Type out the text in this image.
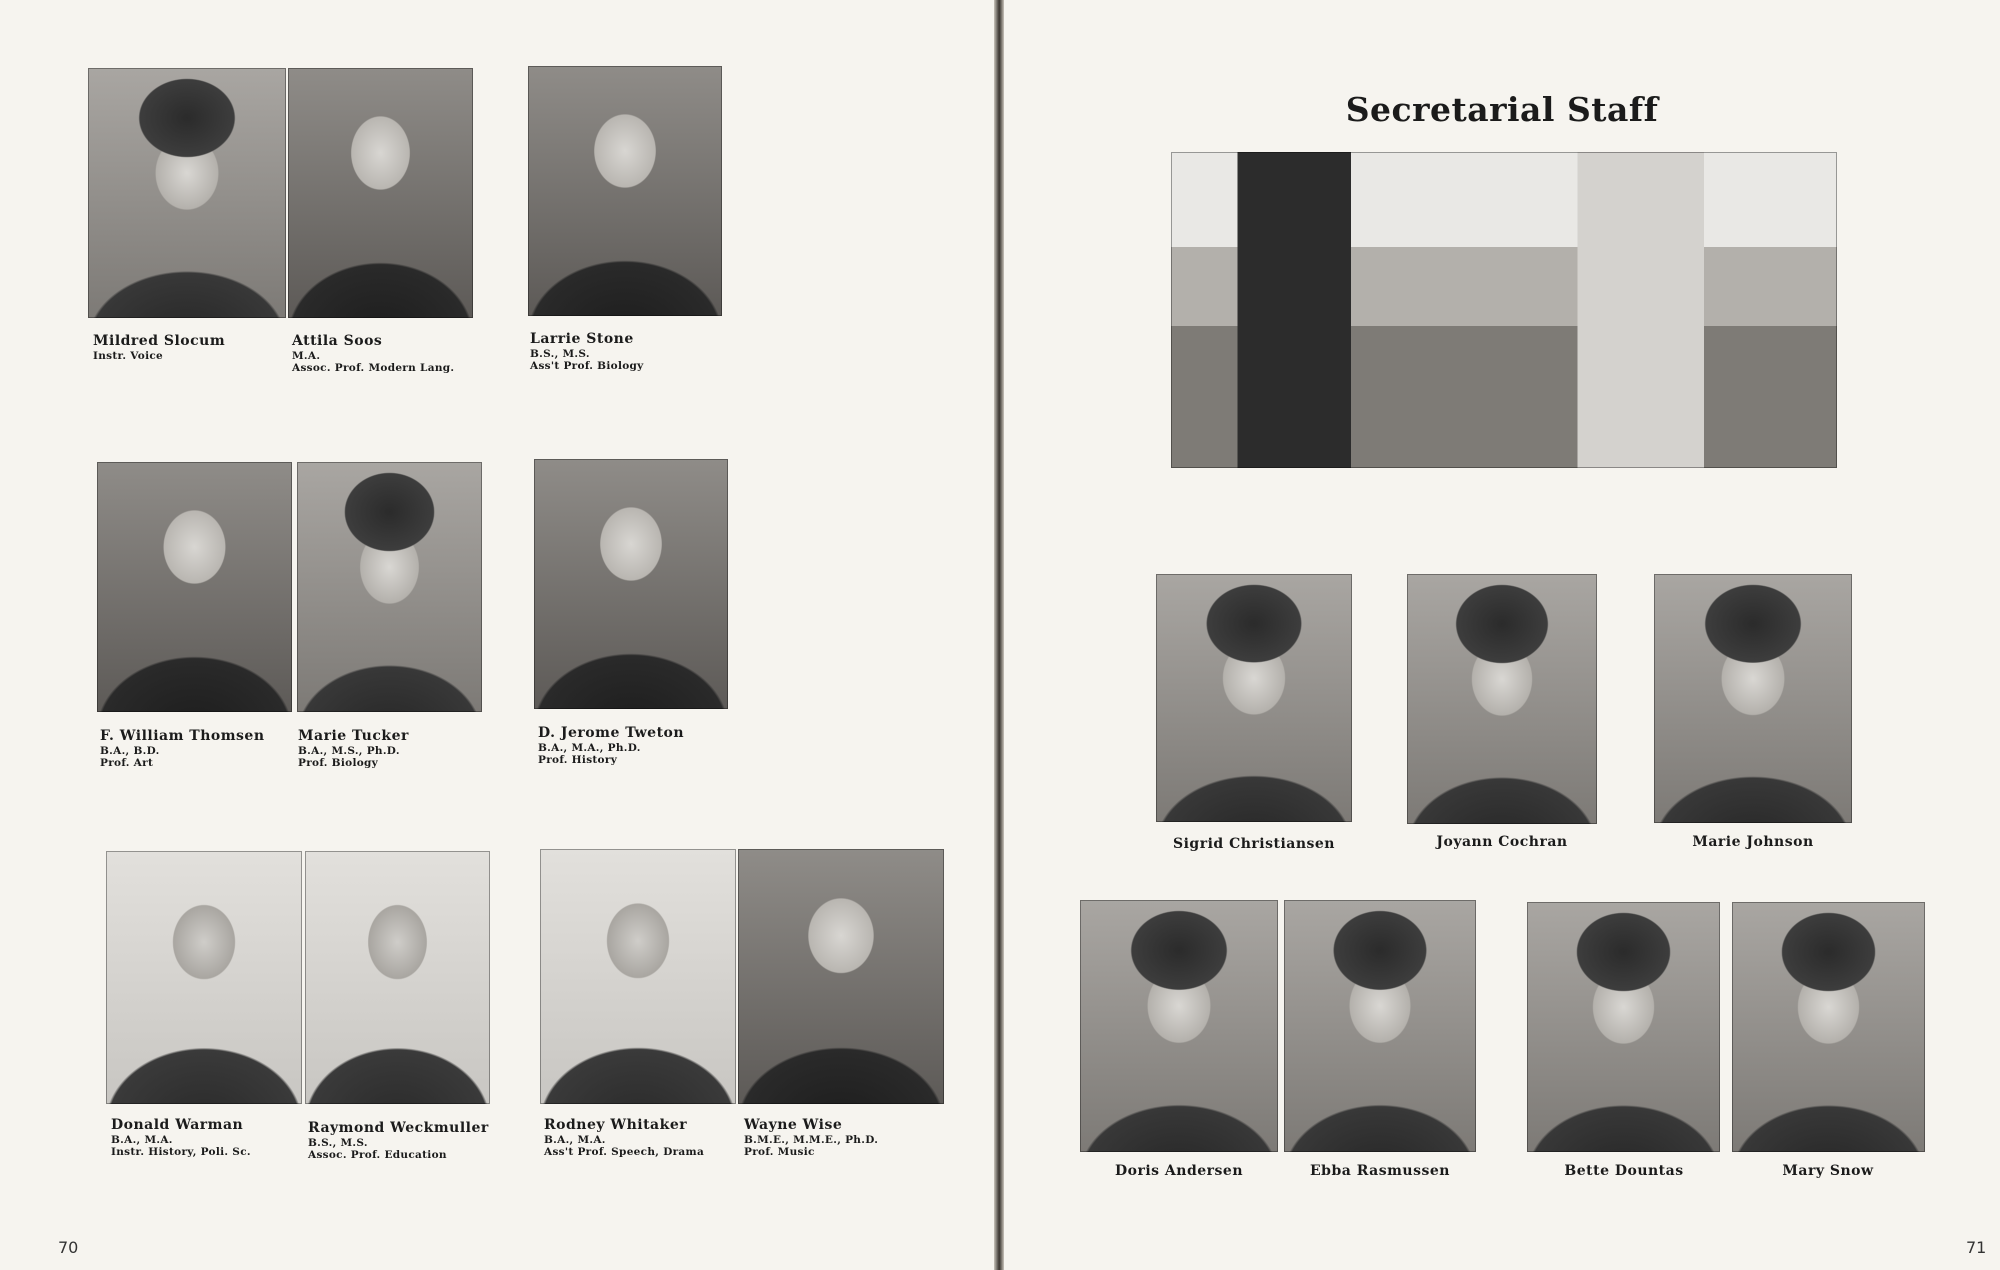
Mildred Slocum
Instr. Voice
Attila Soos
M.A.
Assoc. Prof. Modern Lang.
Larrie Stone
B.S., M.S.
Ass't Prof. Biology
F. William Thomsen
B.A., B.D.
Prof. Art
Marie Tucker
B.A., M.S., Ph.D.
Prof. Biology
D. Jerome Tweton
B.A., M.A., Ph.D.
Prof. History
Donald Warman
B.A., M.A.
Instr. History, Poli. Sc.
Raymond Weckmuller
B.S., M.S.
Assoc. Prof. Education
Rodney Whitaker
B.A., M.A.
Ass't Prof. Speech, Drama
Wayne Wise
B.M.E., M.M.E., Ph.D.
Prof. Music
70
Secretarial Staff
Sigrid Christiansen	Joyann Cochran	Marie Johnson
Doris Andersen	Ebba Rasmussen	Bette Dountas	Mary Snow
71
